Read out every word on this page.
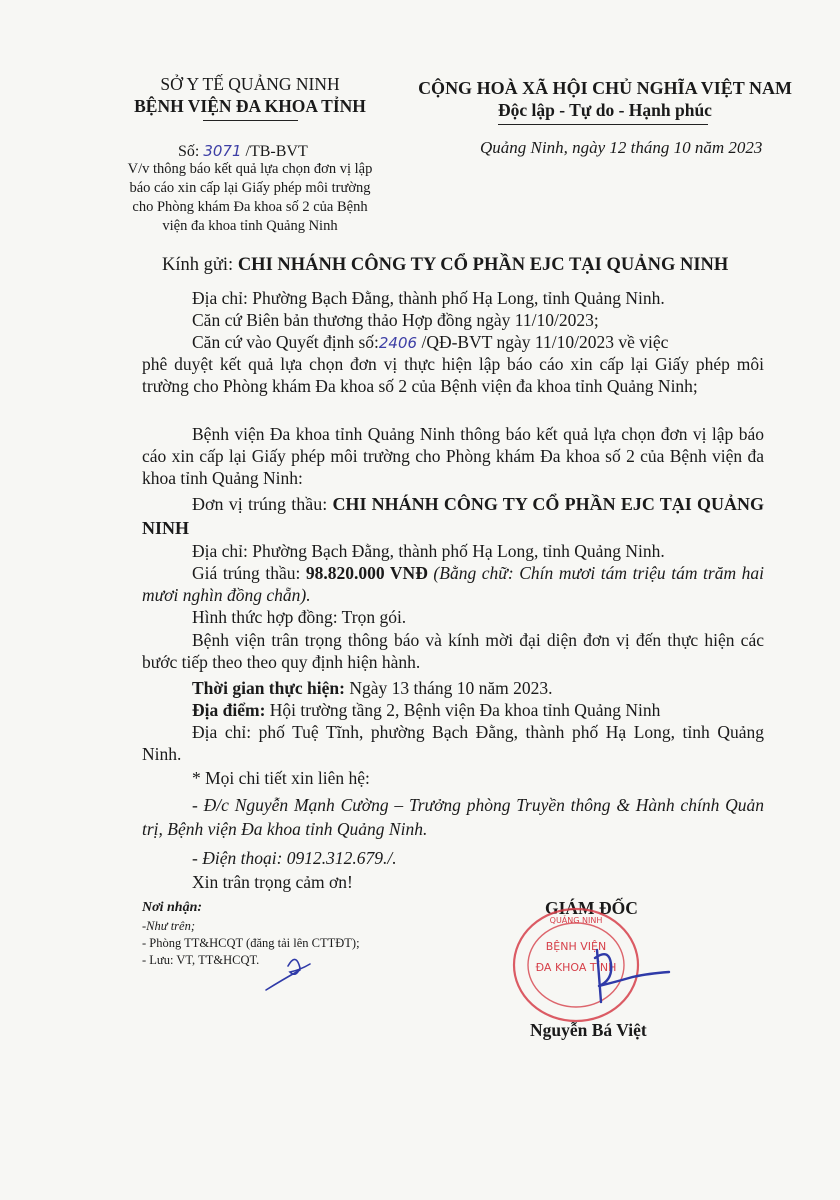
SỞ Y TẾ QUẢNG NINH
BỆNH VIỆN ĐA KHOA TỈNH
CỘNG HOÀ XÃ HỘI CHỦ NGHĨA VIỆT NAM
Độc lập - Tự do - Hạnh phúc
Số: 3071 /TB-BVT
V/v thông báo kết quả lựa chọn đơn vị lập
báo cáo xin cấp lại Giấy phép môi trường
cho Phòng khám Đa khoa số 2 của Bệnh
viện đa khoa tỉnh Quảng Ninh
Quảng Ninh, ngày 12 tháng 10 năm 2023
Kính gửi: CHI NHÁNH CÔNG TY CỔ PHẦN EJC TẠI QUẢNG NINH
Địa chỉ: Phường Bạch Đằng, thành phố Hạ Long, tỉnh Quảng Ninh.
Căn cứ Biên bản thương thảo Hợp đồng ngày 11/10/2023;
Căn cứ vào Quyết định số:2406 /QĐ-BVT ngày 11/10/2023 về việc
phê duyệt kết quả lựa chọn đơn vị thực hiện lập báo cáo xin cấp lại Giấy phép môi trường cho Phòng khám Đa khoa số 2 của Bệnh viện đa khoa tỉnh Quảng Ninh;
Bệnh viện Đa khoa tỉnh Quảng Ninh thông báo kết quả lựa chọn đơn vị lập báo cáo xin cấp lại Giấy phép môi trường cho Phòng khám Đa khoa số 2 của Bệnh viện đa khoa tỉnh Quảng Ninh:
Đơn vị trúng thầu: CHI NHÁNH CÔNG TY CỔ PHẦN EJC TẠI QUẢNG NINH
Địa chỉ: Phường Bạch Đằng, thành phố Hạ Long, tỉnh Quảng Ninh.
Giá trúng thầu: 98.820.000 VNĐ (Bằng chữ: Chín mươi tám triệu tám trăm hai mươi nghìn đồng chẵn).
Hình thức hợp đồng: Trọn gói.
Bệnh viện trân trọng thông báo và kính mời đại diện đơn vị đến thực hiện các bước tiếp theo theo quy định hiện hành.
Thời gian thực hiện: Ngày 13 tháng 10 năm 2023.
Địa điểm: Hội trường tầng 2, Bệnh viện Đa khoa tỉnh Quảng Ninh
Địa chỉ: phố Tuệ Tĩnh, phường Bạch Đằng, thành phố Hạ Long, tỉnh Quảng Ninh.
* Mọi chi tiết xin liên hệ:
- Đ/c Nguyễn Mạnh Cường – Trưởng phòng Truyền thông & Hành chính Quản trị, Bệnh viện Đa khoa tỉnh Quảng Ninh.
- Điện thoại: 0912.312.679./.
Xin trân trọng cảm ơn!
Nơi nhận:
-Như trên;
- Phòng TT&HCQT (đăng tải lên CTTĐT);
- Lưu: VT, TT&HCQT.
GIÁM ĐỐC
BỆNH VIỆN
ĐA KHOA TỈNH
QUẢNG NINH
Nguyễn Bá Việt
